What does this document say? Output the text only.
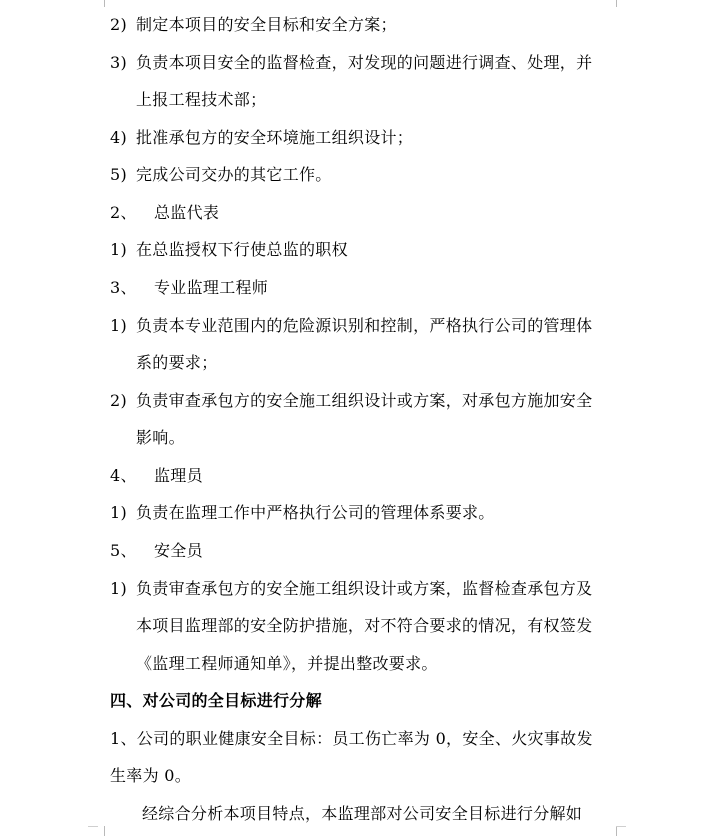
2) 制定本项目的安全目标和安全方案；
3) 负责本项目安全的监督检查，对发现的问题进行调查、处理，并
上报工程技术部；
4) 批准承包方的安全环境施工组织设计；
5) 完成公司交办的其它工作。
2、 总监代表
1) 在总监授权下行使总监的职权
3、 专业监理工程师
1) 负责本专业范围内的危险源识别和控制，严格执行公司的管理体
系的要求；
2) 负责审查承包方的安全施工组织设计或方案，对承包方施加安全
影响。
4、 监理员
1) 负责在监理工作中严格执行公司的管理体系要求。
5、 安全员
1) 负责审查承包方的安全施工组织设计或方案，监督检查承包方及
本项目监理部的安全防护措施，对不符合要求的情况，有权签发
《监理工程师通知单》，并提出整改要求。
四、对公司的全目标进行分解
1、公司的职业健康安全目标：员工伤亡率为 0，安全、火灾事故发
生率为 0。
经综合分析本项目特点，本监理部对公司安全目标进行分解如
